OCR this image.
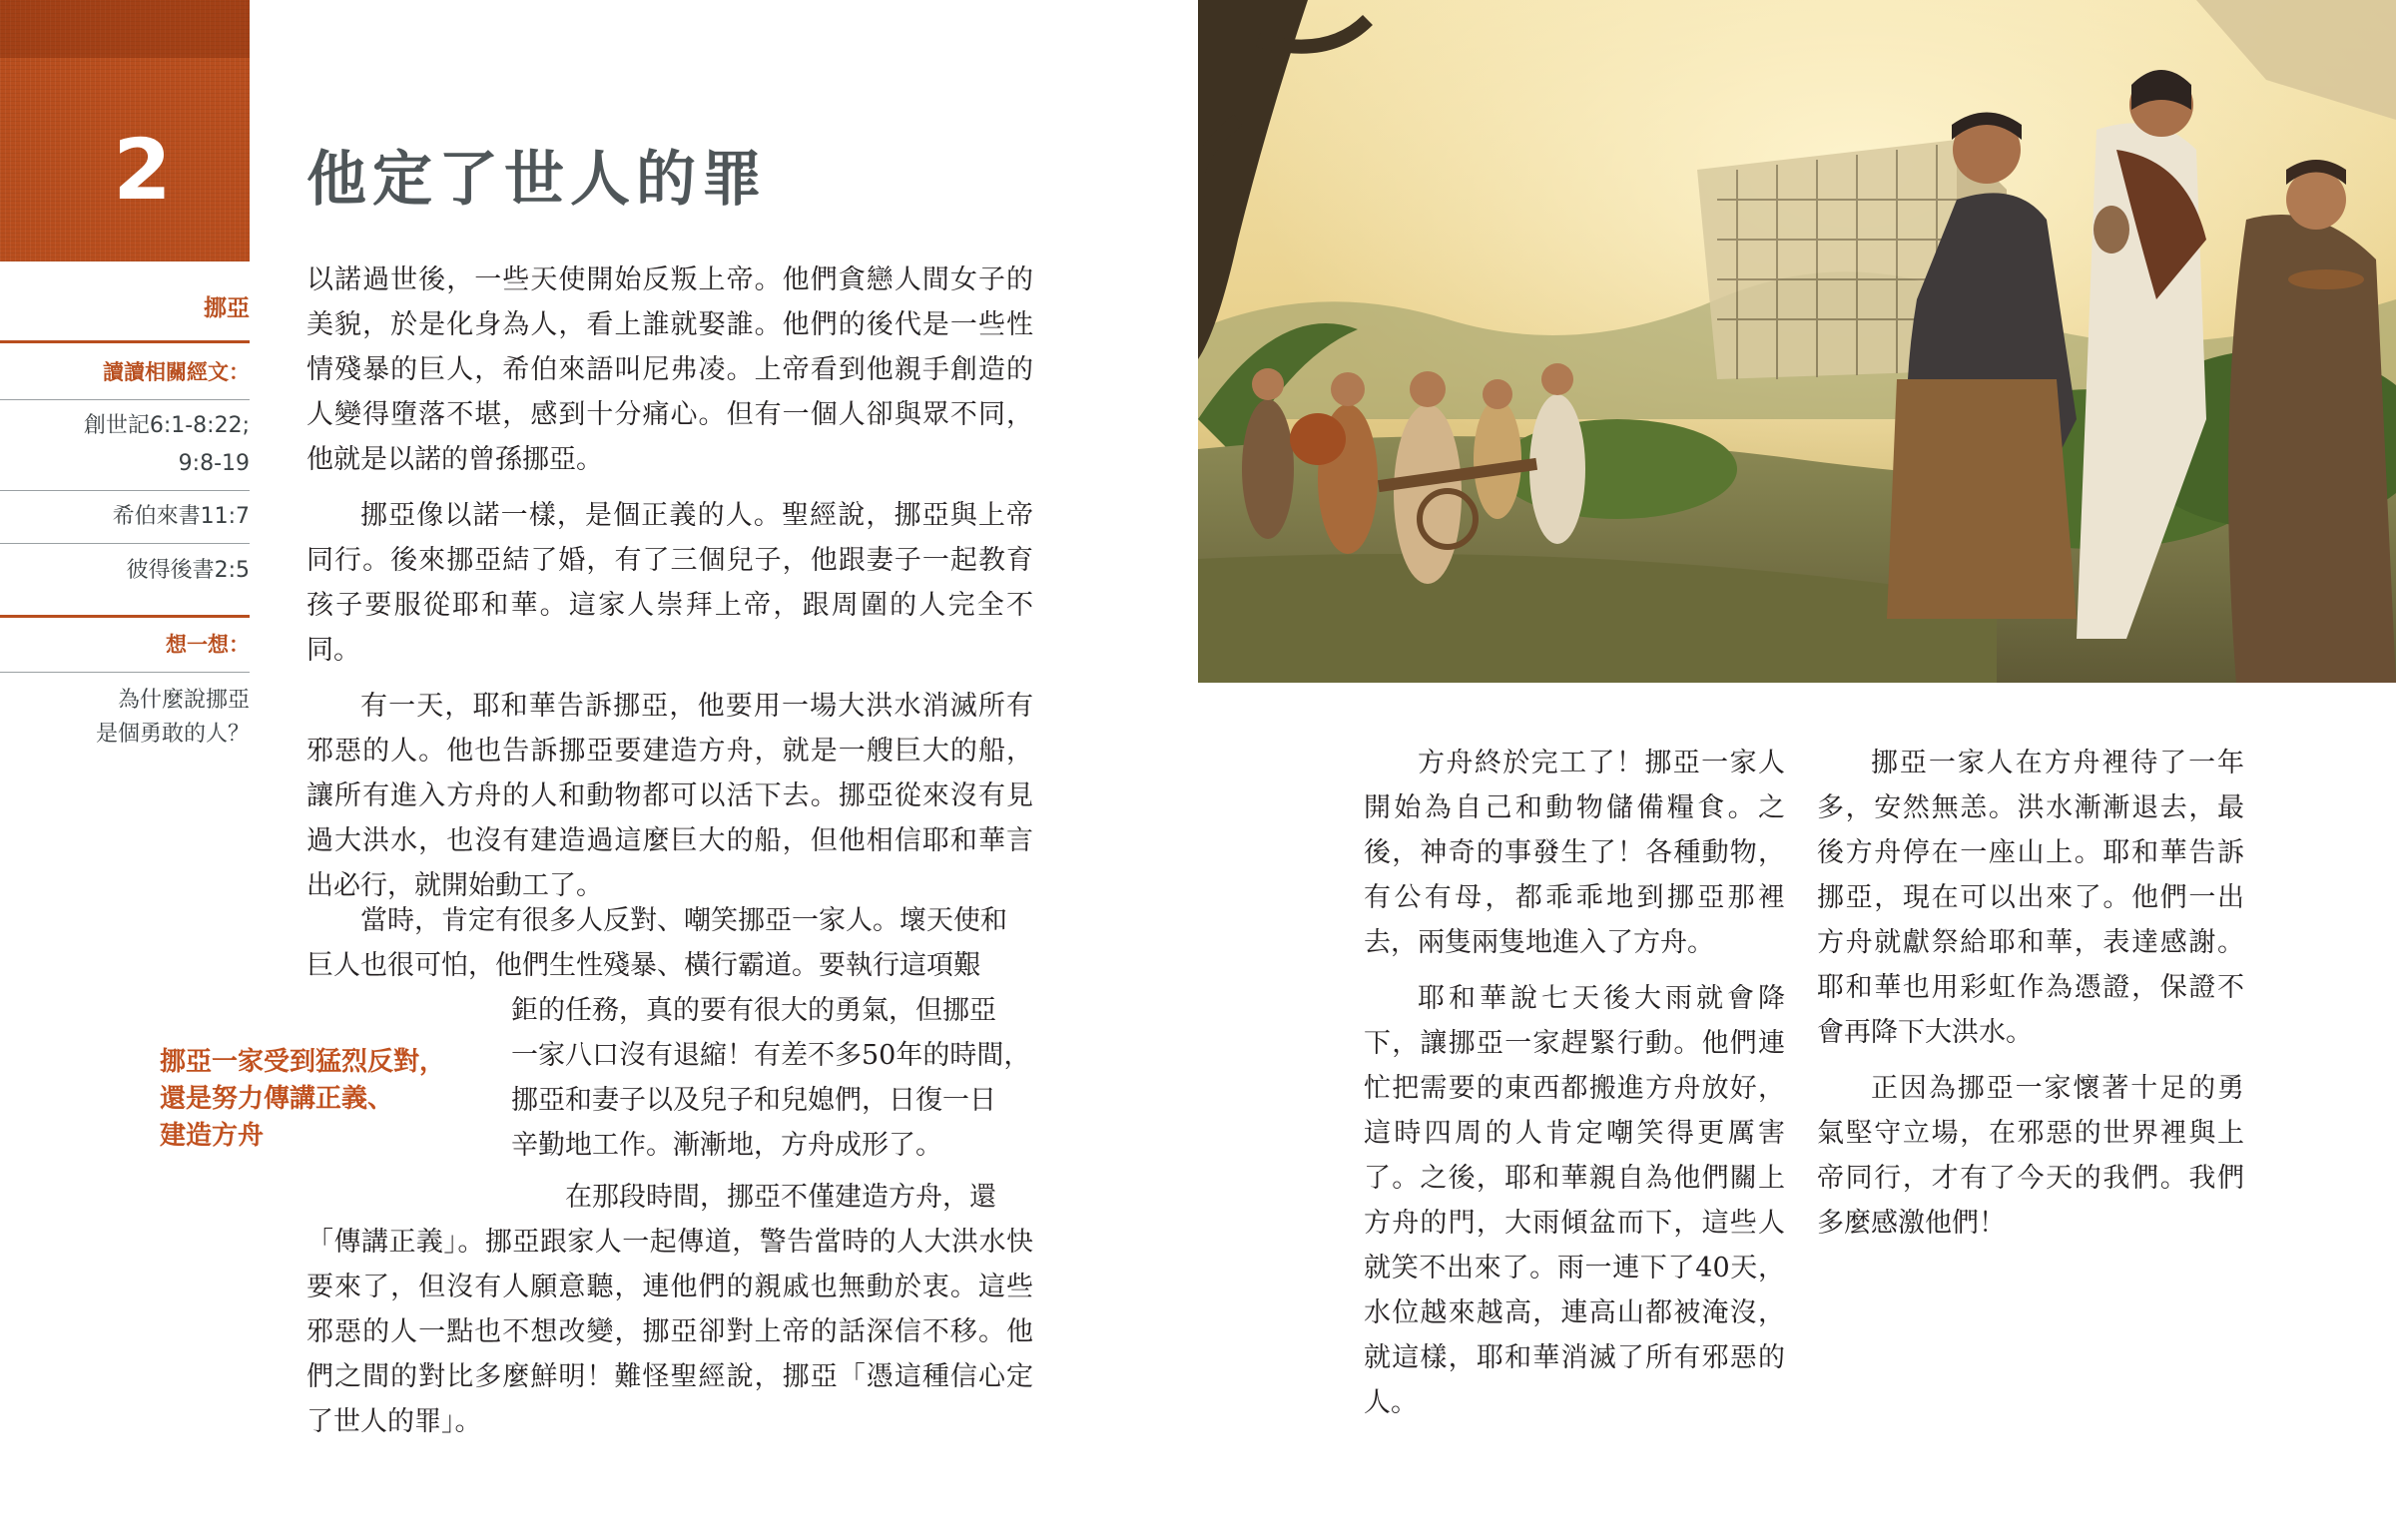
2	他定了世人的罪
挪亞
讀讀相關經文：
創世記6:1-8:22;
9:8-19
希伯來書11:7
彼得後書2:5
想一想：
為什麼說挪亞
是個勇敢的人？

以諾過世後，一些天使開始反叛上帝。他們貪戀人間女子的美貌，於是化身為人，看上誰就娶誰。他們的後代是一些性情殘暴的巨人，希伯來語叫尼弗凌。上帝看到他親手創造的人變得墮落不堪，感到十分痛心。但有一個人卻與眾不同，他就是以諾的曾孫挪亞。

挪亞像以諾一樣，是個正義的人。聖經說，挪亞與上帝同行。後來挪亞結了婚，有了三個兒子，他跟妻子一起教育孩子要服從耶和華。這家人崇拜上帝，跟周圍的人完全不同。

有一天，耶和華告訴挪亞，他要用一場大洪水消滅所有邪惡的人。他也告訴挪亞要建造方舟，就是一艘巨大的船，讓所有進入方舟的人和動物都可以活下去。挪亞從來沒有見過大洪水，也沒有建造過這麼巨大的船，但他相信耶和華言出必行，就開始動工了。

當時，肯定有很多人反對、嘲笑挪亞一家人。壞天使和
巨人也很可怕，他們生性殘暴、橫行霸道。要執行這項艱
鉅的任務，真的要有很大的勇氣，但挪亞
一家八口沒有退縮！有差不多50年的時間，
挪亞和妻子以及兒子和兒媳們，日復一日
辛勤地工作。漸漸地，方舟成形了。
挪亞一家受到猛烈反對，
還是努力傳講正義、
建造方舟
在那段時間，挪亞不僅建造方舟，還

「傳講正義」。挪亞跟家人一起傳道，警告當時的人大洪水快要來了，但沒有人願意聽，連他們的親戚也無動於衷。這些邪惡的人一點也不想改變，挪亞卻對上帝的話深信不移。他們之間的對比多麼鮮明！難怪聖經說，挪亞「憑這種信心定了世人的罪」。

方舟終於完工了！挪亞一家人開始為自己和動物儲備糧食。之後，神奇的事發生了！各種動物，有公有母，都乖乖地到挪亞那裡去，兩隻兩隻地進入了方舟。

耶和華說七天後大雨就會降下，讓挪亞一家趕緊行動。他們連忙把需要的東西都搬進方舟放好，這時四周的人肯定嘲笑得更厲害了。之後，耶和華親自為他們關上方舟的門，大雨傾盆而下，這些人就笑不出來了。雨一連下了40天，水位越來越高，連高山都被淹沒，就這樣，耶和華消滅了所有邪惡的人。

挪亞一家人在方舟裡待了一年多，安然無恙。洪水漸漸退去，最後方舟停在一座山上。耶和華告訴挪亞，現在可以出來了。他們一出方舟就獻祭給耶和華，表達感謝。耶和華也用彩虹作為憑證，保證不會再降下大洪水。

正因為挪亞一家懷著十足的勇氣堅守立場，在邪惡的世界裡與上帝同行，才有了今天的我們。我們多麼感激他們！
